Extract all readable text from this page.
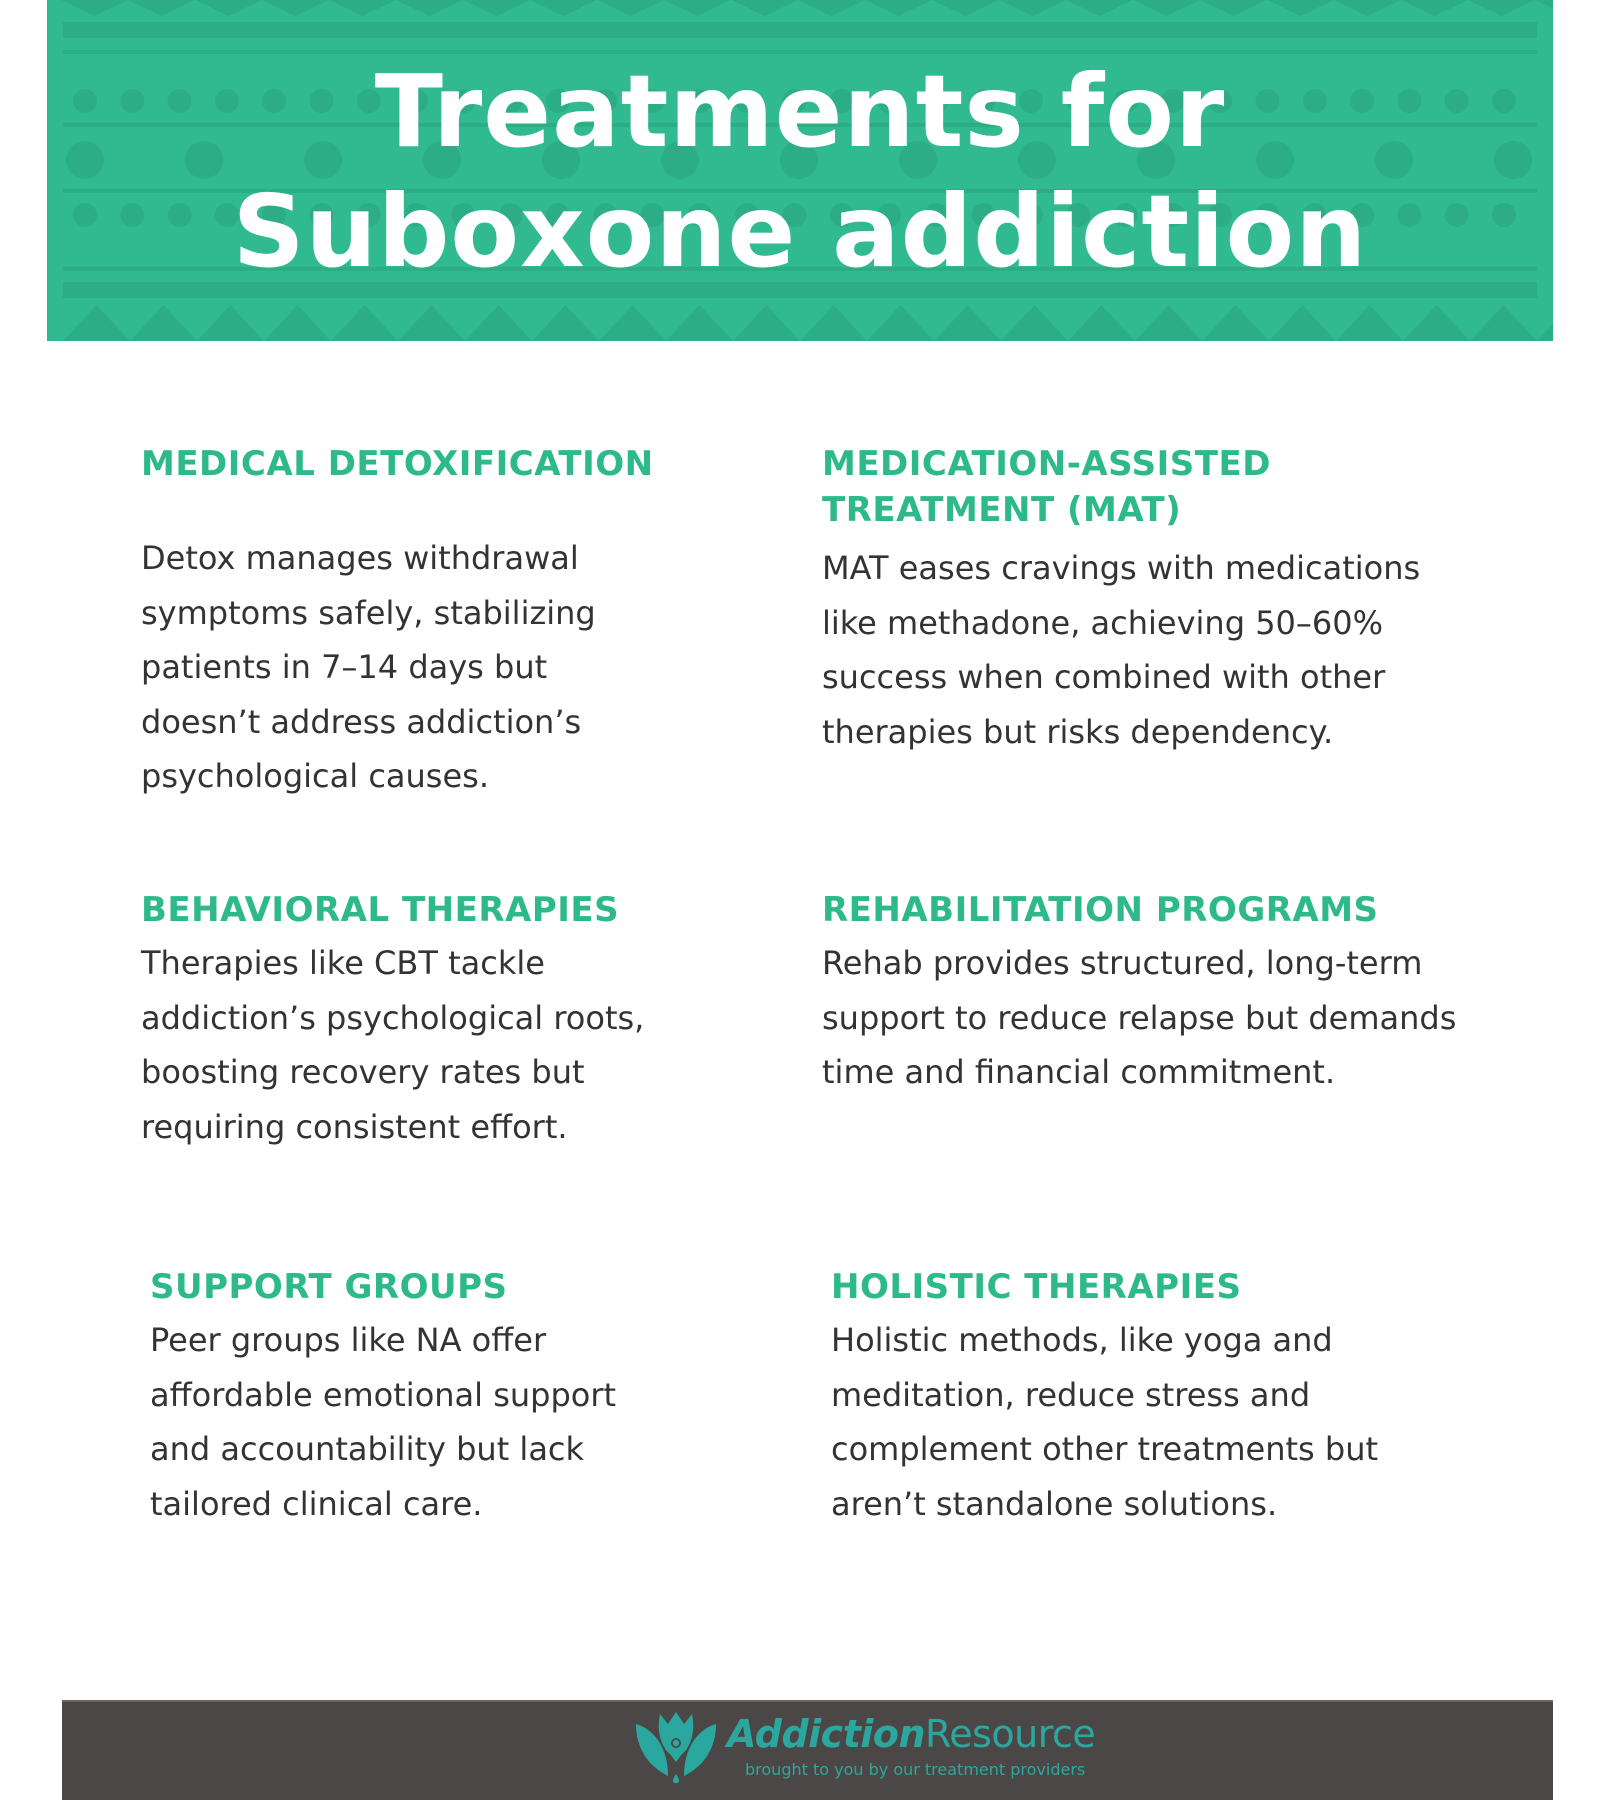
Treatments for
Suboxone addiction
MEDICAL DETOXIFICATION

Detox manages withdrawal symptoms safely, stabilizing patients in 7–14 days but doesn’t address addiction’s psychological causes.

MEDICATION-ASSISTED TREATMENT (MAT)

MAT eases cravings with medications like methadone, achieving 50–60% success when combined with other therapies but risks dependency.

BEHAVIORAL THERAPIES

Therapies like CBT tackle addiction’s psychological roots, boosting recovery rates but requiring consistent effort.

REHABILITATION PROGRAMS

Rehab provides structured, long-term support to reduce relapse but demands time and financial commitment.

SUPPORT GROUPS

Peer groups like NA offer affordable emotional support and accountability but lack tailored clinical care.

HOLISTIC THERAPIES

Holistic methods, like yoga and meditation, reduce stress and complement other treatments but aren’t standalone solutions.

AddictionResource
brought to you by our treatment providers
